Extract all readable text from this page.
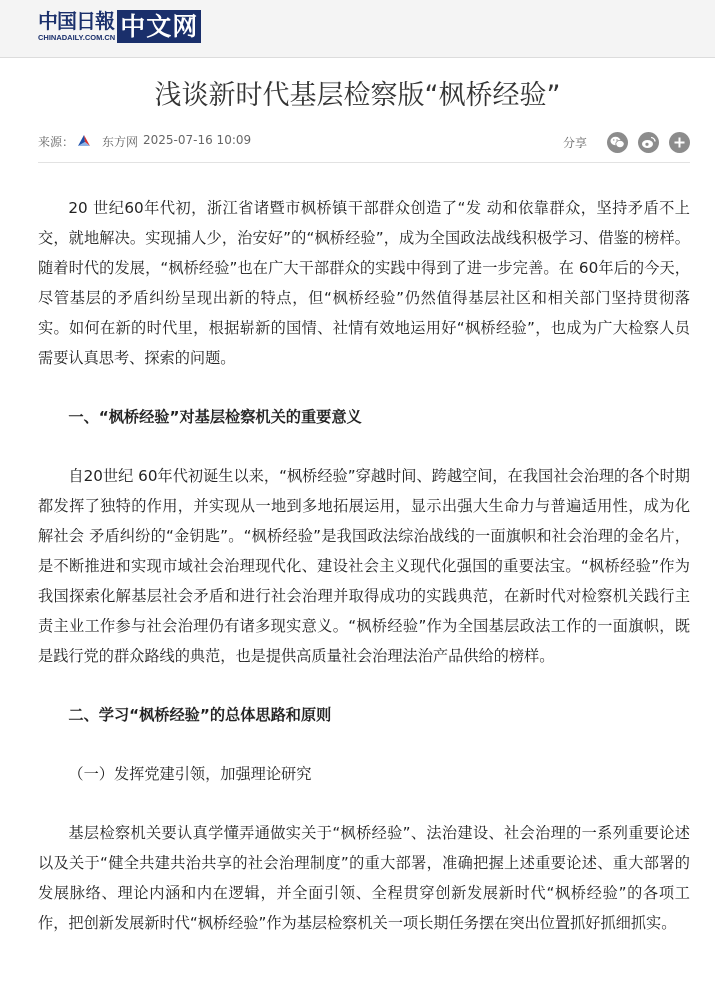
中国日報
CHINADAILY.COM.CN 中文网
浅谈新时代基层检察版“枫桥经验”
来源： 东方网 2025-07-16 10:09	分享

20 世纪60年代初，浙江省诸暨市枫桥镇干部群众创造了“发 动和依靠群众，坚持矛盾不上交，就地解决。实现捕人少，治安好”的“枫桥经验”，成为全国政法战线积极学习、借鉴的榜样。随着时代的发展，“枫桥经验”也在广大干部群众的实践中得到了进一步完善。在 60年后的今天，尽管基层的矛盾纠纷呈现出新的特点，但“枫桥经验”仍然值得基层社区和相关部门坚持贯彻落实。如何在新的时代里，根据崭新的国情、社情有效地运用好“枫桥经验”，也成为广大检察人员需要认真思考、探索的问题。

一、“枫桥经验”对基层检察机关的重要意义

自20世纪 60年代初诞生以来，“枫桥经验”穿越时间、跨越空间，在我国社会治理的各个时期都发挥了独特的作用，并实现从一地到多地拓展运用，显示出强大生命力与普遍适用性，成为化解社会 矛盾纠纷的“金钥匙”。“枫桥经验”是我国政法综治战线的一面旗帜和社会治理的金名片，是不断推进和实现市域社会治理现代化、建设社会主义现代化强国的重要法宝。“枫桥经验”作为我国探索化解基层社会矛盾和进行社会治理并取得成功的实践典范，在新时代对检察机关践行主责主业工作参与社会治理仍有诸多现实意义。“枫桥经验”作为全国基层政法工作的一面旗帜，既是践行党的群众路线的典范，也是提供高质量社会治理法治产品供给的榜样。

二、学习“枫桥经验”的总体思路和原则

（一）发挥党建引领，加强理论研究

基层检察机关要认真学懂弄通做实关于“枫桥经验”、法治建设、社会治理的一系列重要论述以及关于“健全共建共治共享的社会治理制度”的重大部署，准确把握上述重要论述、重大部署的发展脉络、理论内涵和内在逻辑，并全面引领、全程贯穿创新发展新时代“枫桥经验”的各项工作，把创新发展新时代“枫桥经验”作为基层检察机关一项长期任务摆在突出位置抓好抓细抓实。
